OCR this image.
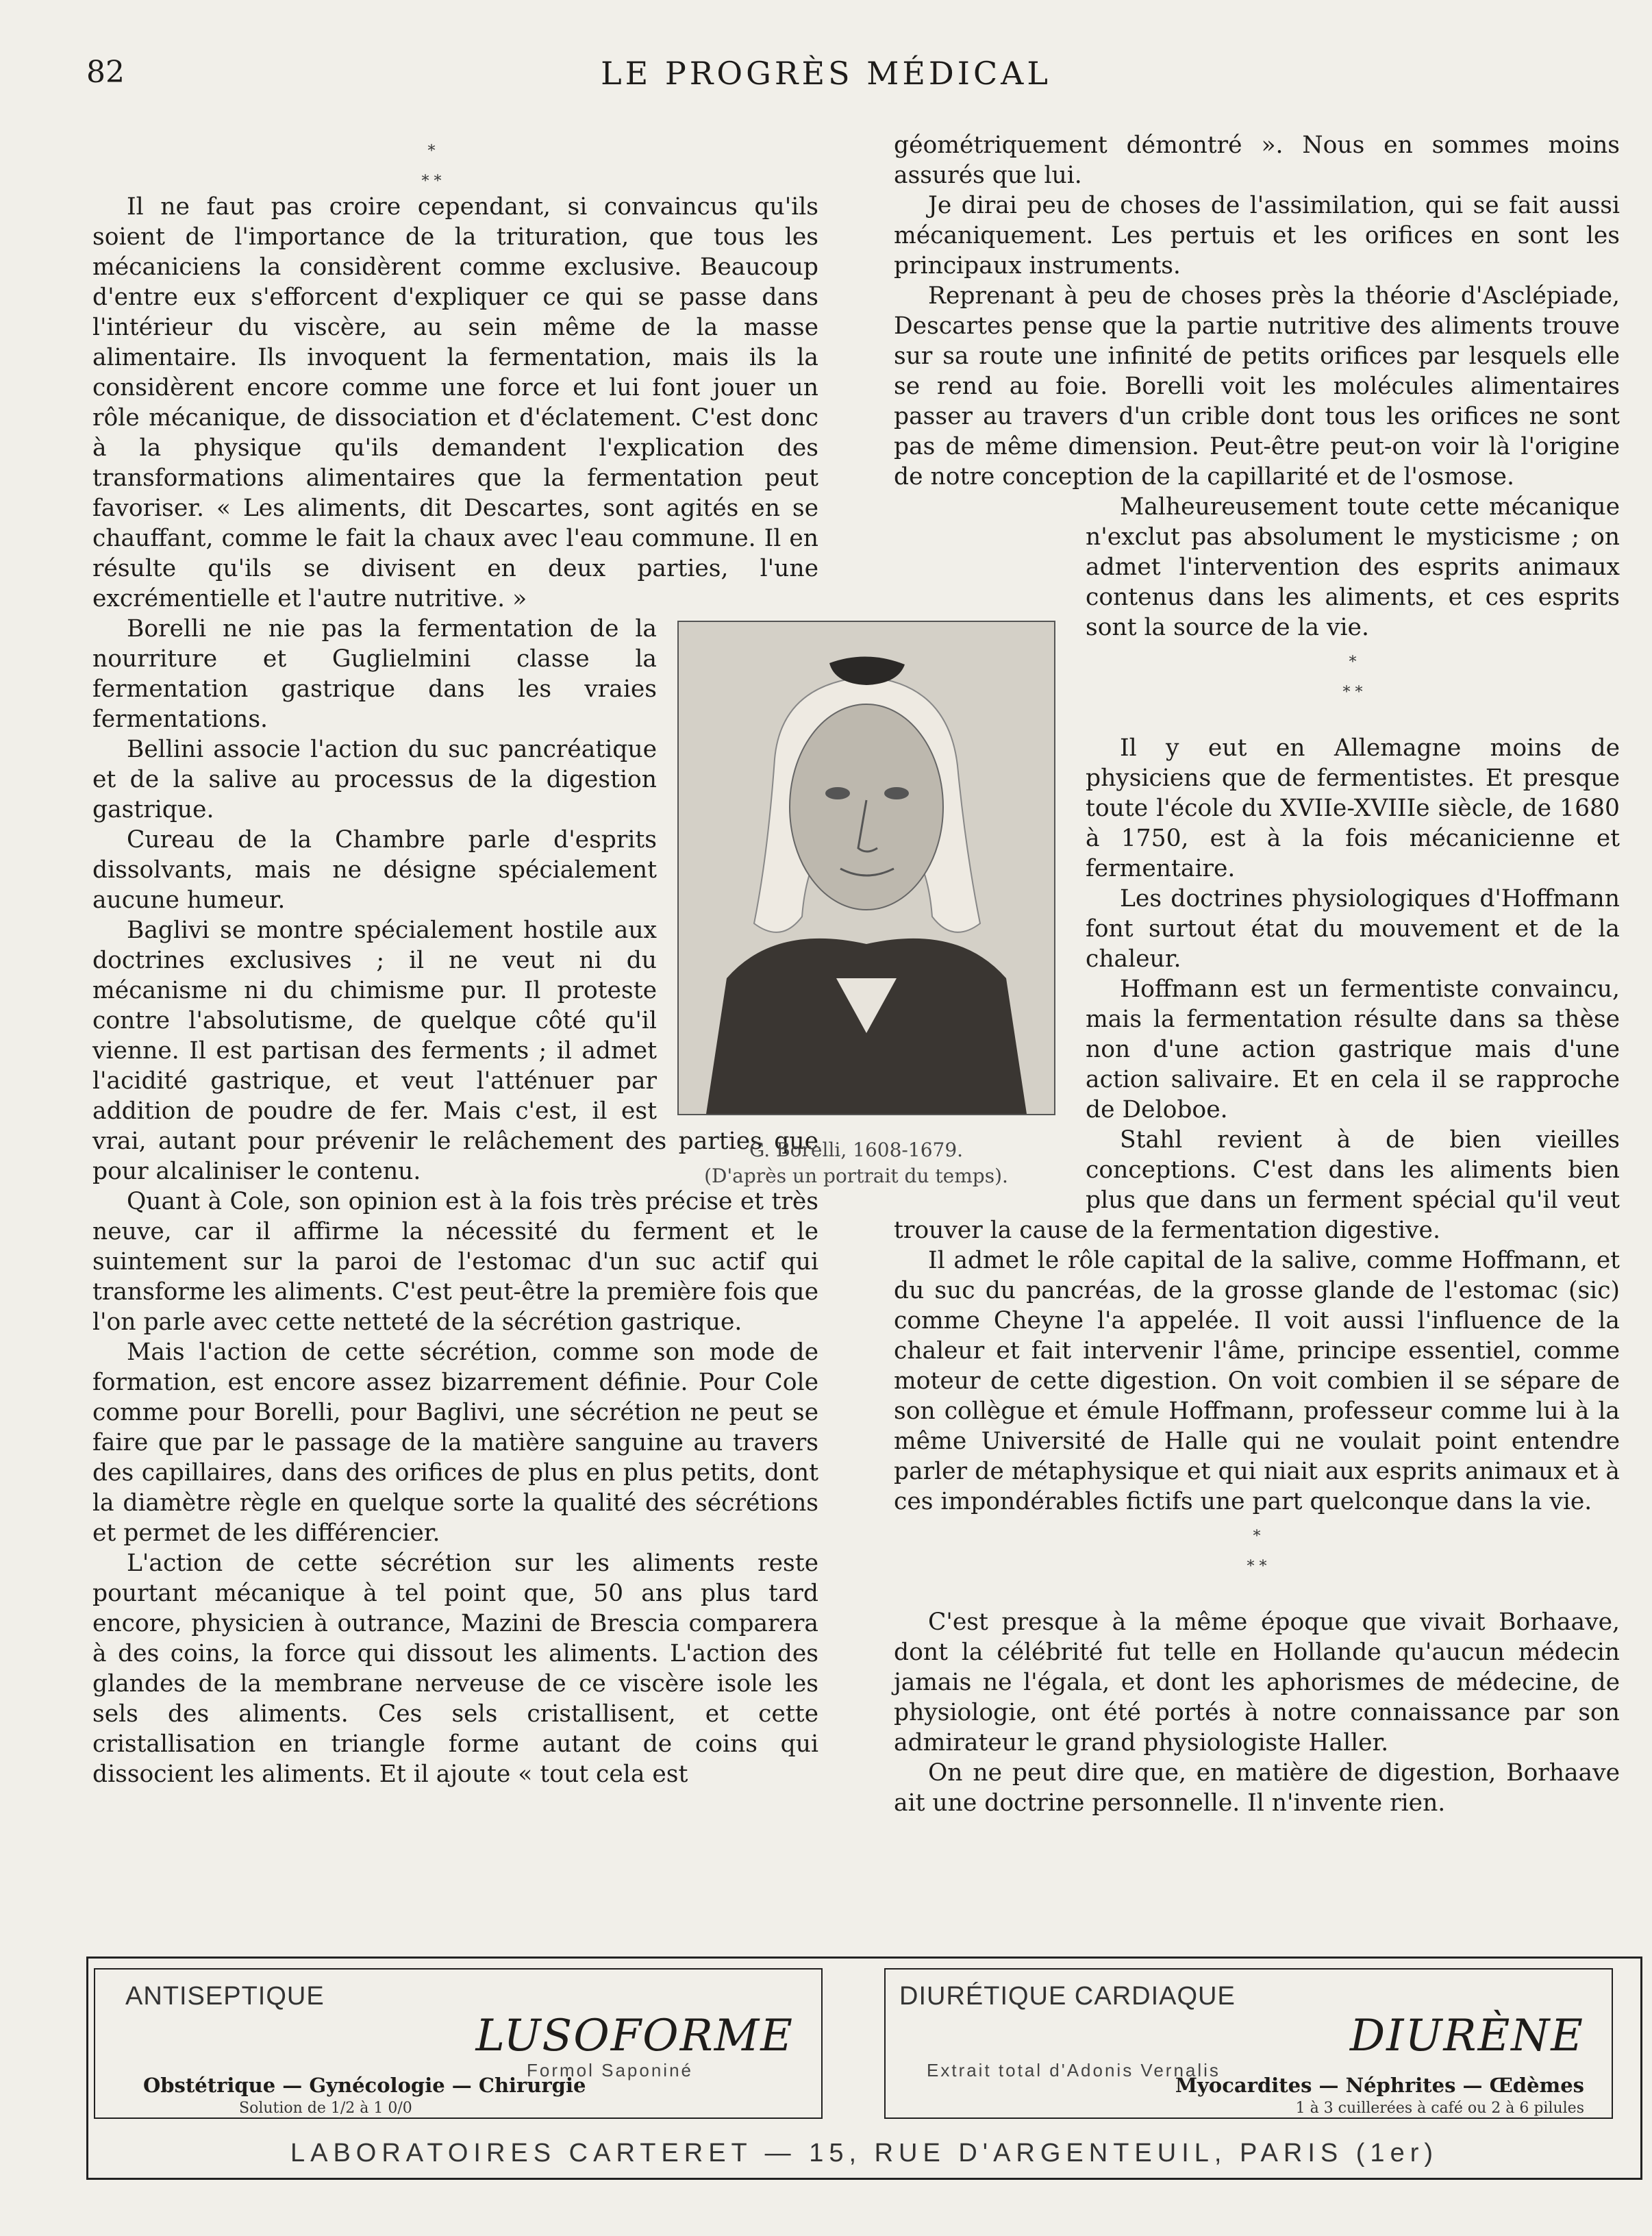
82	LE PROGRÈS MÉDICAL
⁎
⁎ ⁎

Il ne faut pas croire cependant, si convaincus qu'ils soient de l'importance de la trituration, que tous les mécaniciens la considèrent comme exclusive. Beaucoup d'entre eux s'efforcent d'expliquer ce qui se passe dans l'intérieur du viscère, au sein même de la masse alimentaire. Ils invoquent la fermentation, mais ils la considèrent encore comme une force et lui font jouer un rôle mécanique, de dissociation et d'éclatement. C'est donc à la physique qu'ils demandent l'explication des transformations alimentaires que la fermentation peut favoriser. « Les aliments, dit Descartes, sont agités en se chauffant, comme le fait la chaux avec l'eau commune. Il en résulte qu'ils se divisent en deux parties, l'une excrémentielle et l'autre nutritive. »

Borelli ne nie pas la fermentation de la nourriture et Guglielmini classe la fermentation gastrique dans les vraies fermentations.

Bellini associe l'action du suc pancréatique et de la salive au processus de la digestion gastrique.

Cureau de la Chambre parle d'esprits dissolvants, mais ne désigne spécialement aucune humeur.

Baglivi se montre spécialement hostile aux doctrines exclusives ; il ne veut ni du mécanisme ni du chimisme pur. Il proteste contre l'absolutisme, de quelque côté qu'il vienne. Il est partisan des ferments ; il admet l'acidité gastrique, et veut l'atténuer par addition de poudre de fer. Mais c'est, il est vrai, autant pour prévenir le relâchement des parties que pour alcaliniser le contenu.

Quant à Cole, son opinion est à la fois très précise et très neuve, car il affirme la nécessité du ferment et le suintement sur la paroi de l'estomac d'un suc actif qui transforme les aliments. C'est peut-être la première fois que l'on parle avec cette netteté de la sécrétion gastrique.

Mais l'action de cette sécrétion, comme son mode de formation, est encore assez bizarrement définie. Pour Cole comme pour Borelli, pour Baglivi, une sécrétion ne peut se faire que par le passage de la matière sanguine au travers des capillaires, dans des orifices de plus en plus petits, dont la diamètre règle en quelque sorte la qualité des sécrétions et permet de les différencier.

L'action de cette sécrétion sur les aliments reste pourtant mécanique à tel point que, 50 ans plus tard encore, physicien à outrance, Mazini de Brescia comparera à des coins, la force qui dissout les aliments. L'action des glandes de la membrane nerveuse de ce viscère isole les sels des aliments. Ces sels cristallisent, et cette cristallisation en triangle forme autant de coins qui dissocient les aliments. Et il ajoute « tout cela est

géométriquement démontré ». Nous en sommes moins assurés que lui.

Je dirai peu de choses de l'assimilation, qui se fait aussi mécaniquement. Les pertuis et les orifices en sont les principaux instruments.

Reprenant à peu de choses près la théorie d'Asclépiade, Descartes pense que la partie nutritive des aliments trouve sur sa route une infinité de petits orifices par lesquels elle se rend au foie. Borelli voit les molécules alimentaires passer au travers d'un crible dont tous les orifices ne sont pas de même dimension. Peut-être peut-on voir là l'origine de notre conception de la capillarité et de l'osmose.

Malheureusement toute cette mécanique n'exclut pas absolument le mysticisme ; on admet l'intervention des esprits animaux contenus dans les aliments, et ces esprits sont la source de la vie.

⁎
⁎ ⁎

Il y eut en Allemagne moins de physiciens que de fermentistes. Et presque toute l'école du XVIIe-XVIIIe siècle, de 1680 à 1750, est à la fois mécanicienne et fermentaire.

Les doctrines physiologiques d'Hoffmann font surtout état du mouvement et de la chaleur.

Hoffmann est un fermentiste convaincu, mais la fermentation résulte dans sa thèse non d'une action gastrique mais d'une action salivaire. Et en cela il se rapproche de Deloboe.

Stahl revient à de bien vieilles conceptions. C'est dans les aliments bien plus que dans un ferment spécial qu'il veut trouver la cause de la fermentation digestive.

Il admet le rôle capital de la salive, comme Hoffmann, et du suc du pancréas, de la grosse glande de l'estomac (sic) comme Cheyne l'a appelée. Il voit aussi l'influence de la chaleur et fait intervenir l'âme, principe essentiel, comme moteur de cette digestion. On voit combien il se sépare de son collègue et émule Hoffmann, professeur comme lui à la même Université de Halle qui ne voulait point entendre parler de métaphysique et qui niait aux esprits animaux et à ces impondérables fictifs une part quelconque dans la vie.

⁎
⁎ ⁎

C'est presque à la même époque que vivait Borhaave, dont la célébrité fut telle en Hollande qu'aucun médecin jamais ne l'égala, et dont les aphorismes de médecine, de physiologie, ont été portés à notre connaissance par son admirateur le grand physiologiste Haller.

On ne peut dire que, en matière de digestion, Borhaave ait une doctrine personnelle. Il n'invente rien.

G. Borelli, 1608-1679.
(D'après un portrait du temps).
ANTISEPTIQUE
LUSOFORME
Formol Saponiné
Obstétrique — Gynécologie — Chirurgie
Solution de 1/2 à 1 0/0
DIURÉTIQUE CARDIAQUE
DIURÈNE
Extrait total d'Adonis Vernalis
Myocardites — Néphrites — Œdèmes
1 à 3 cuillerées à café ou 2 à 6 pilules
LABORATOIRES CARTERET — 15, RUE D'ARGENTEUIL, PARIS (1er)
